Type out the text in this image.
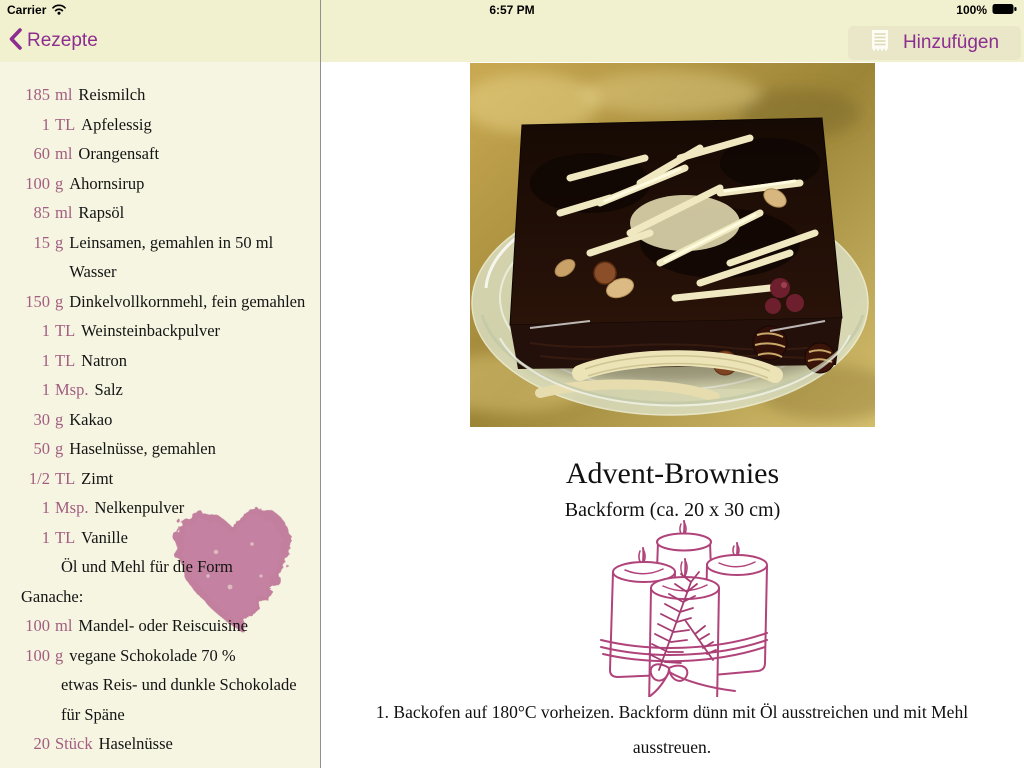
Carrier	6:57 PM	100%
Rezepte	Hinzufügen
185 ml Reismilch
1 TL Apfelessig
60 ml Orangensaft
100 g Ahornsirup
85 ml Rapsöl
15 g Leinsamen, gemahlen in 50 ml Wasser
150 g Dinkelvollkornmehl, fein gemahlen
1 TL Weinsteinbackpulver
1 TL Natron
1 Msp. Salz
30 g Kakao
50 g Haselnüsse, gemahlen
1/2 TL Zimt
1 Msp. Nelkenpulver
1 TL Vanille
Öl und Mehl für die Form
Ganache:
100 ml Mandel- oder Reiscuisine
100 g vegane Schokolade 70 %
etwas Reis- und dunkle Schokolade für Späne
20 Stück Haselnüsse
Advent-Brownies
Backform (ca. 20 x 30 cm)
1. Backofen auf 180°C vorheizen. Backform dünn mit Öl ausstreichen und mit Mehl ausstreuen.
